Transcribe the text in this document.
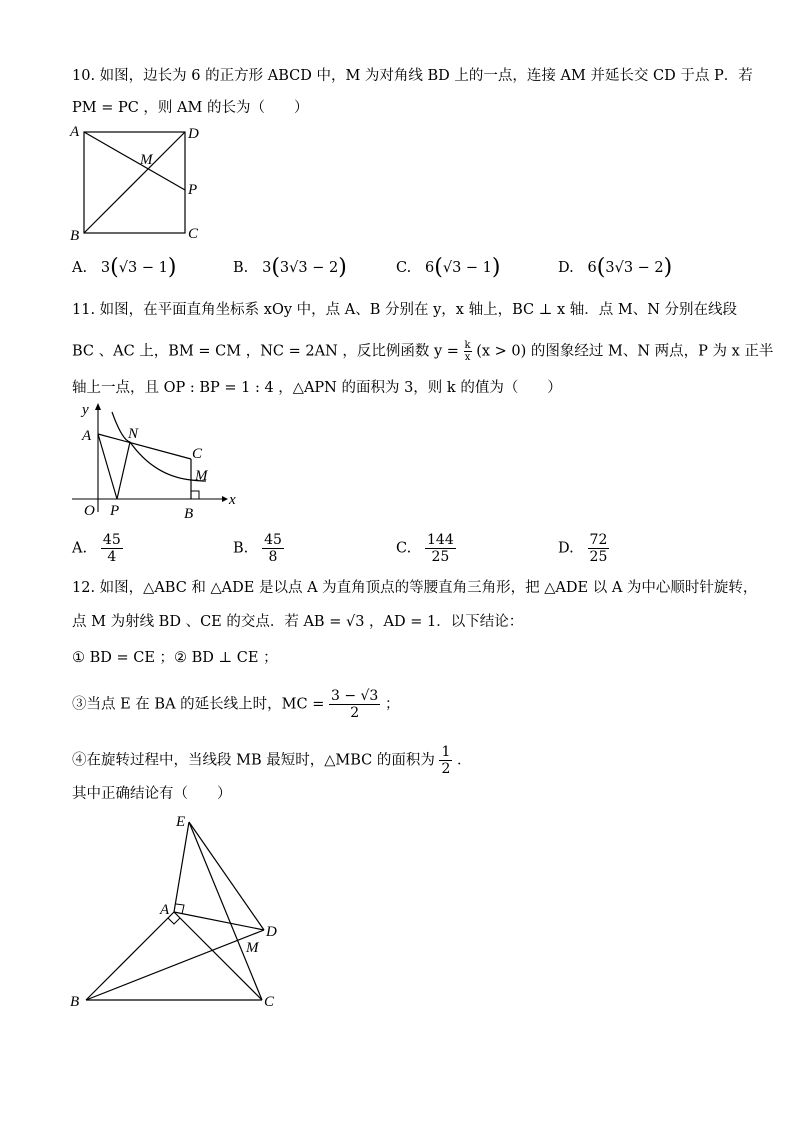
10. 如图，边长为 6 的正方形 ABCD 中，M 为对角线 BD 上的一点，连接 AM 并延长交 CD 于点 P．若
PM = PC ，则 AM 的长为（　　）
A	D
M
P
B	C
A. 3(√3 − 1)	B. 3(3√3 − 2)	C. 6(√3 − 1)	D. 6(3√3 − 2)
11. 如图，在平面直角坐标系 xOy 中，点 A、B 分别在 y，x 轴上，BC ⊥ x 轴．点 M、N 分别在线段
BC 、AC 上，BM = CM ，NC = 2AN ，反比例函数 $y = \frac{k}{x} (x > 0)$ 的图象经过 M、N 两点，P 为 x 正半
轴上一点，且 OP : BP = 1 : 4 ，△APN 的面积为 3，则 k 的值为（　　）
y
A N
C
M
O P	B
x
A. $\frac{45}{4}$	B. $\frac{45}{8}$	C. $\frac{144}{25}$	D. $\frac{72}{25}$
12. 如图，△ABC 和 △ADE 是以点 A 为直角顶点的等腰直角三角形，把 △ADE 以 A 为中心顺时针旋转，
点 M 为射线 BD 、CE 的交点．若 AB = √3 ，AD = 1．以下结论：
① BD = CE ；② BD ⊥ CE ；
③当点 E 在 BA 的延长线上时，MC = $\frac{3 - √3}{2}$ ；
④在旋转过程中，当线段 MB 最短时，△MBC 的面积为 $\frac{1}{2}$ ．
其中正确结论有（　　）
E
A
D
M
B	C
